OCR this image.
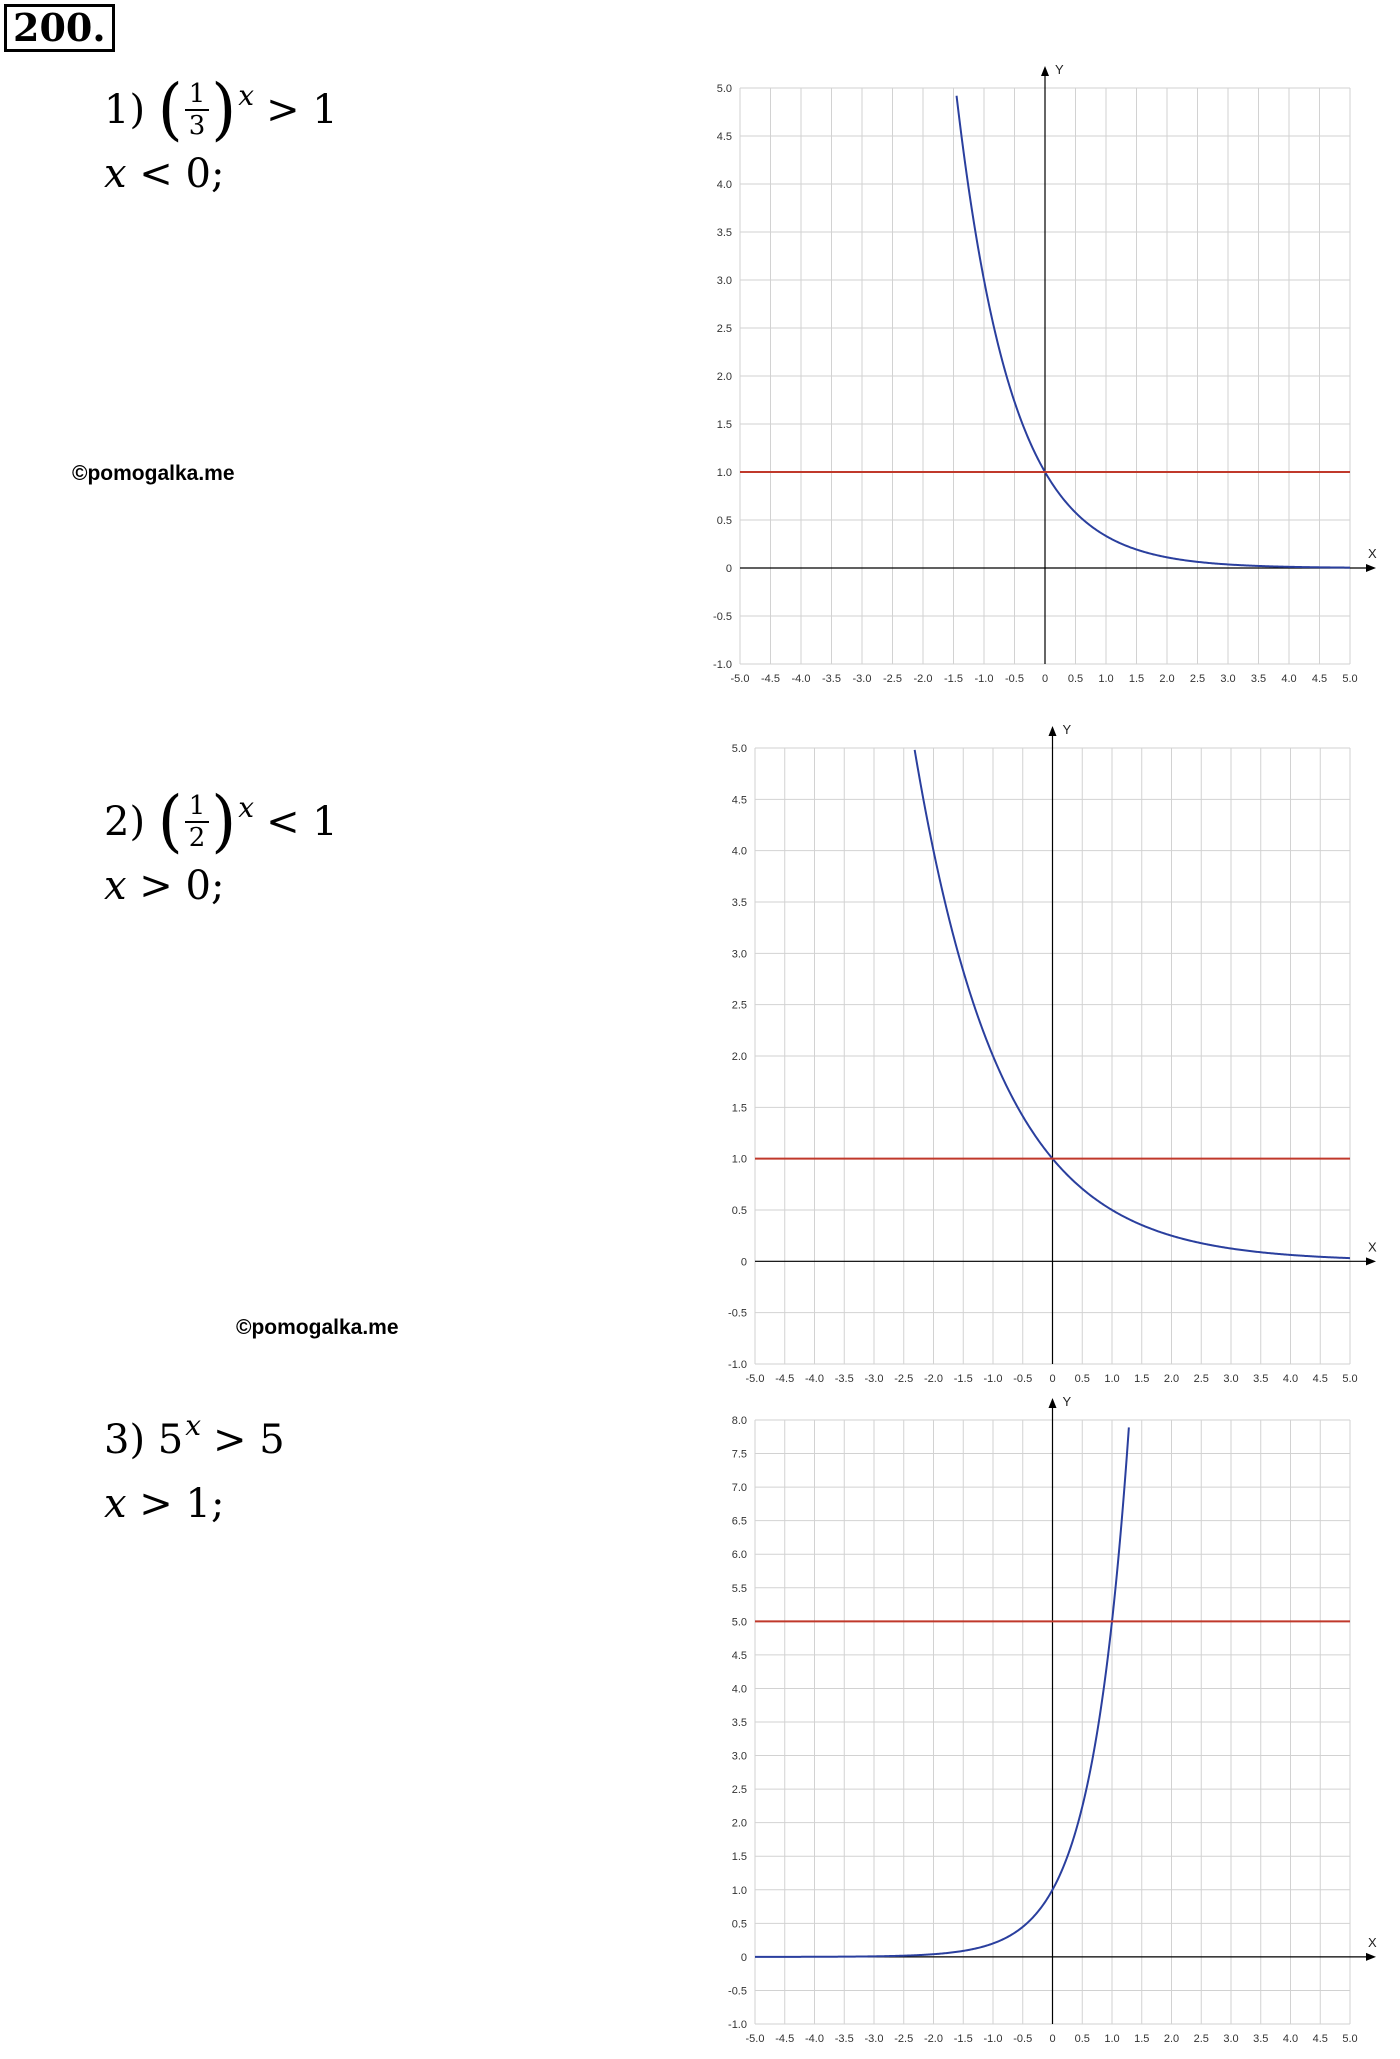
200.
1)
( $\frac{1}{3} )^x > 1$
x
< 0;
2)
( $\frac{1}{2} )^x < 1$
x
> 0;
3)
$5^x > 5$
x
> 1;
©pomogalka.me
©pomogalka.me
X
Y
-5.0 -4.5 -4.0 -3.5 -3.0 -2.5 -2.0 -1.5 -1.0 -0.5 0 0.5 1.0 1.5 2.0 2.5 3.0 3.5 4.0 4.5 5.0
5.0
4.5
4.0
3.5
3.0
2.5
2.0
1.5
1.0
0.5
0
-0.5
-1.0
X
Y
-5.0 -4.5 -4.0 -3.5 -3.0 -2.5 -2.0 -1.5 -1.0 -0.5 0 0.5 1.0 1.5 2.0 2.5 3.0 3.5 4.0 4.5 5.0
5.0
4.5
4.0
3.5
3.0
2.5
2.0
1.5
1.0
0.5
0
-0.5
-1.0
X
Y
-5.0 -4.5 -4.0 -3.5 -3.0 -2.5 -2.0 -1.5 -1.0 -0.5 0 0.5 1.0 1.5 2.0 2.5 3.0 3.5 4.0 4.5 5.0
8.0
7.5
7.0
6.5
6.0
5.5
5.0
4.5
4.0
3.5
3.0
2.5
2.0
1.5
1.0
0.5
0
-0.5
-1.0
